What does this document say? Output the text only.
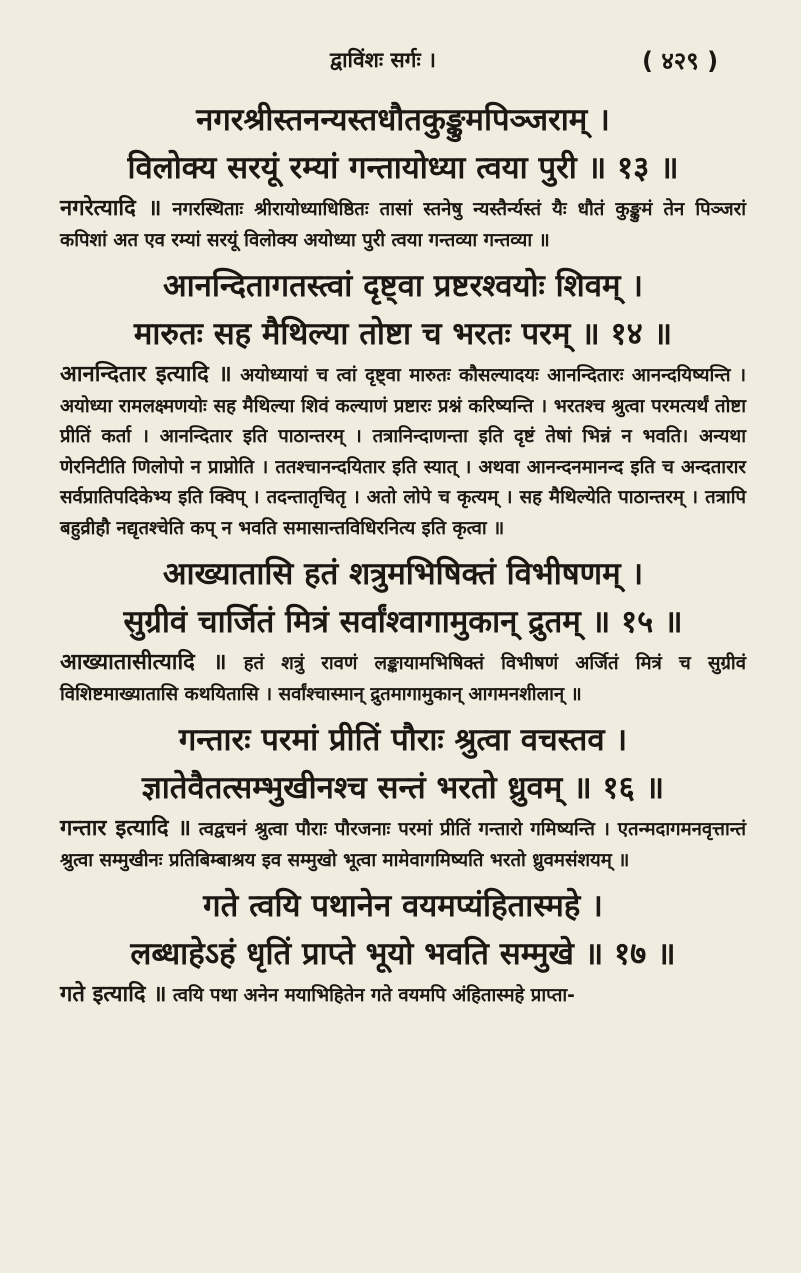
द्वाविंशः सर्गः ।	( ४२९ )

नगरश्रीस्तनन्यस्तधौतकुङ्कुमपिञ्जराम् ।
विलोक्य सरयूं रम्यां गन्तायोध्या त्वया पुरी ॥ १३ ॥

नगरेत्यादि ॥ नगरस्थिताः श्रीरायोध्याधिष्ठितः तासां स्तनेषु न्यस्तैर्न्यस्तं यैः धौतं कुङ्कुमं तेन पिञ्जरां कपिशां अत एव रम्यां सरयूं विलोक्य अयोध्या पुरी त्वया गन्तव्या गन्तव्या ॥

आनन्दितागतस्त्वां दृष्ट्वा प्रष्टरश्वयोः शिवम् ।
मारुतः सह मैथिल्या तोष्टा च भरतः परम् ॥ १४ ॥

आनन्दितार इत्यादि ॥ अयोध्यायां च त्वां दृष्ट्वा मारुतः कौसल्यादयः आनन्दितारः आनन्दयिष्यन्ति । अयोध्या रामलक्ष्मणयोः सह मैथिल्या शिवं कल्याणं प्रष्टारः प्रश्नं करिष्यन्ति । भरतश्च श्रुत्वा परमत्यर्थं तोष्टा प्रीतिं कर्ता । आनन्दितार इति पाठान्तरम् । तत्रानिन्दाणन्ता इति दृष्टं तेषां भिन्नं न भवति। अन्यथा णेरनिटीति णिलोपो न प्राप्नोति । ततश्चानन्दयितार इति स्यात् । अथवा आनन्दनमानन्द इति च अन्दतारार सर्वप्रातिपदिकेभ्य इति क्विप् । तदन्तातृचितृ । अतो लोपे च कृत्यम् । सह मैथिल्येति पाठान्तरम् । तत्रापि बहुव्रीहौ नद्यृतश्चेति कप् न भवति समासान्तविधिरनित्य इति कृत्वा ॥

आख्यातासि हतं शत्रुमभिषिक्तं विभीषणम् ।
सुग्रीवं चार्जितं मित्रं सर्वांश्वागामुकान् द्रुतम् ॥ १५ ॥

आख्यातासीत्यादि ॥ हतं शत्रुं रावणं लङ्कायामभिषिक्तं विभीषणं अर्जितं मित्रं च सुग्रीवं विशिष्टमाख्यातासि कथयितासि । सर्वांश्चास्मान् द्रुतमागामुकान् आगमनशीलान् ॥

गन्तारः परमां प्रीतिं पौराः श्रुत्वा वचस्तव ।
ज्ञातेवैतत्सम्भुखीनश्च सन्तं भरतो ध्रुवम् ॥ १६ ॥

गन्तार इत्यादि ॥ त्वद्वचनं श्रुत्वा पौराः पौरजनाः परमां प्रीतिं गन्तारो गमिष्यन्ति । एतन्मदागमनवृत्तान्तं श्रुत्वा सम्मुखीनः प्रतिबिम्बाश्रय इव सम्मुखो भूत्वा मामेवागमिष्यति भरतो ध्रुवमसंशयम् ॥

गते त्वयि पथानेन वयमप्यंहितास्महे ।
लब्धाहेऽहं धृतिं प्राप्ते भूयो भवति सम्मुखे ॥ १७ ॥

गते इत्यादि ॥ त्वयि पथा अनेन मयाभिहितेन गते वयमपि अंहितास्महे प्राप्ता-
